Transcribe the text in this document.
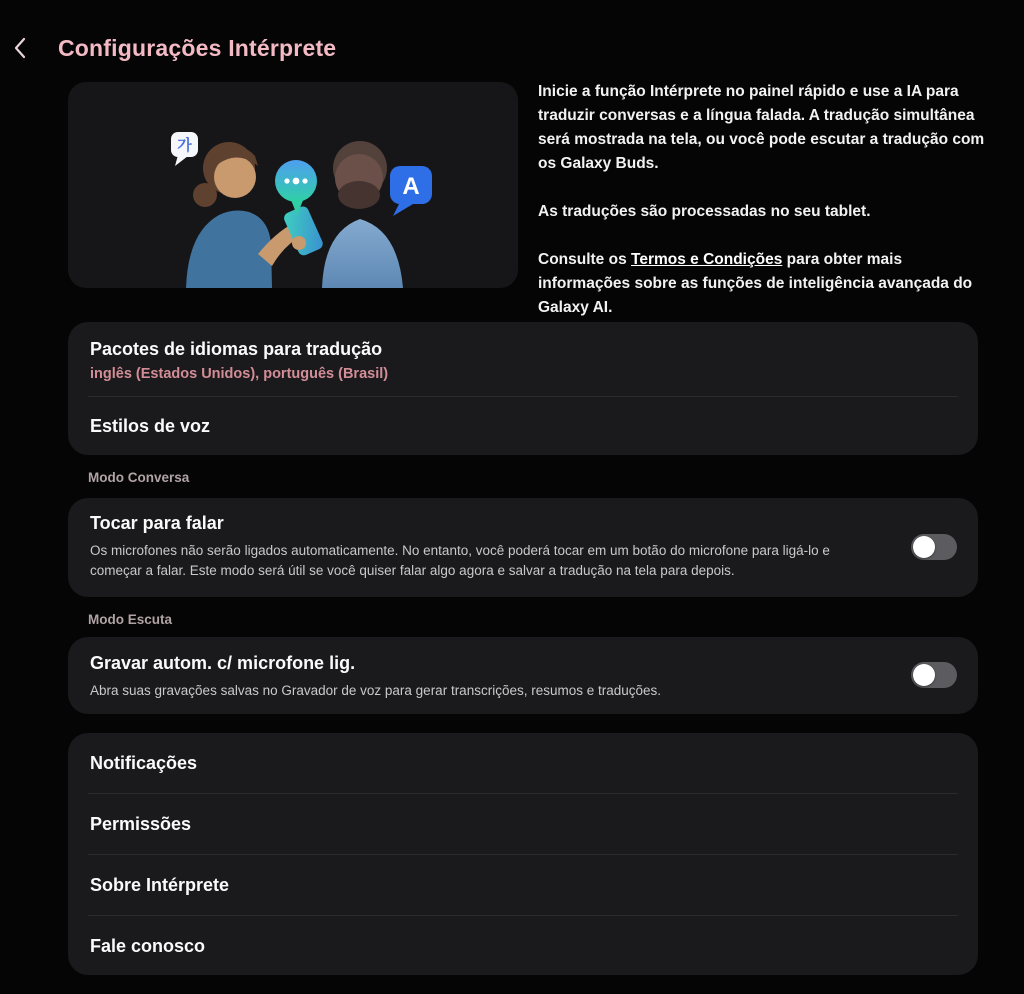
Configurações Intérprete
가
A

Inicie a função Intérprete no painel rápido e use a IA para traduzir conversas e a língua falada. A tradução simultânea será mostrada na tela, ou você pode escutar a tradução com os Galaxy Buds.

As traduções são processadas no seu tablet.

Consulte os Termos e Condições para obter mais informações sobre as funções de inteligência avançada do Galaxy AI.

Pacotes de idiomas para tradução
inglês (Estados Unidos), português (Brasil)
Estilos de voz
Modo Conversa
Tocar para falar
Os microfones não serão ligados automaticamente. No entanto, você poderá tocar em um botão do microfone para ligá-lo e começar a falar. Este modo será útil se você quiser falar algo agora e salvar a tradução na tela para depois.
Modo Escuta
Gravar autom. c/ microfone lig.
Abra suas gravações salvas no Gravador de voz para gerar transcrições, resumos e traduções.
Notificações
Permissões
Sobre Intérprete
Fale conosco
